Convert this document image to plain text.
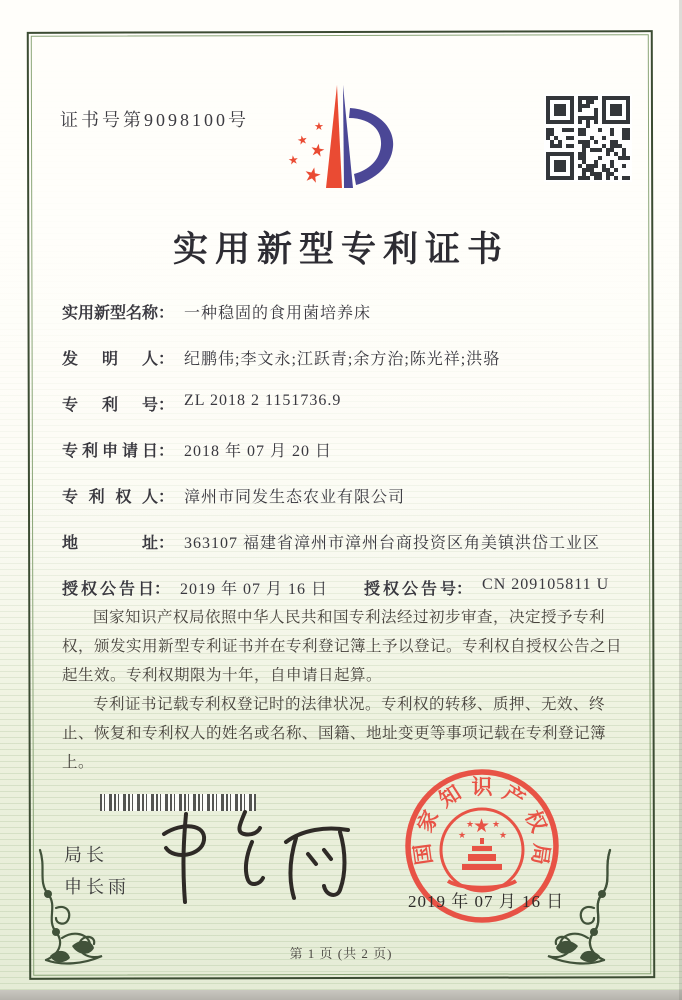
证书号第9098100号	★
★ ★
★
★
实用新型专利证书
实用新型名称 ： 一种稳固的食用菌培养床
发明人 ： 纪鹏伟;李文永;江跃青;余方治;陈光祥;洪骆
专利号 ： ZL 2018 2 1151736.9
专利申请日 ： 2018 年 07 月 20 日
专利权人 ： 漳州市同发生态农业有限公司
地址 ： 363107 福建省漳州市漳州台商投资区角美镇洪岱工业区
授权公告日 ： 2019 年 07 月 16 日 授权公告号 ： CN 209105811 U

国家知识产权局依照中华人民共和国专利法经过初步审查，决定授予专利权，颁发实用新型专利证书并在专利登记簿上予以登记。专利权自授权公告之日起生效。专利权期限为十年，自申请日起算。

专利证书记载专利权登记时的法律状况。专利权的转移、质押、无效、终止、恢复和专利权人的姓名或名称、国籍、地址变更等事项记载在专利登记簿上。

局长
申长雨
国
家
知 识 产
权
局
★
★
★ ★
★
2019 年 07 月 16 日
第 1 页 (共 2 页)
